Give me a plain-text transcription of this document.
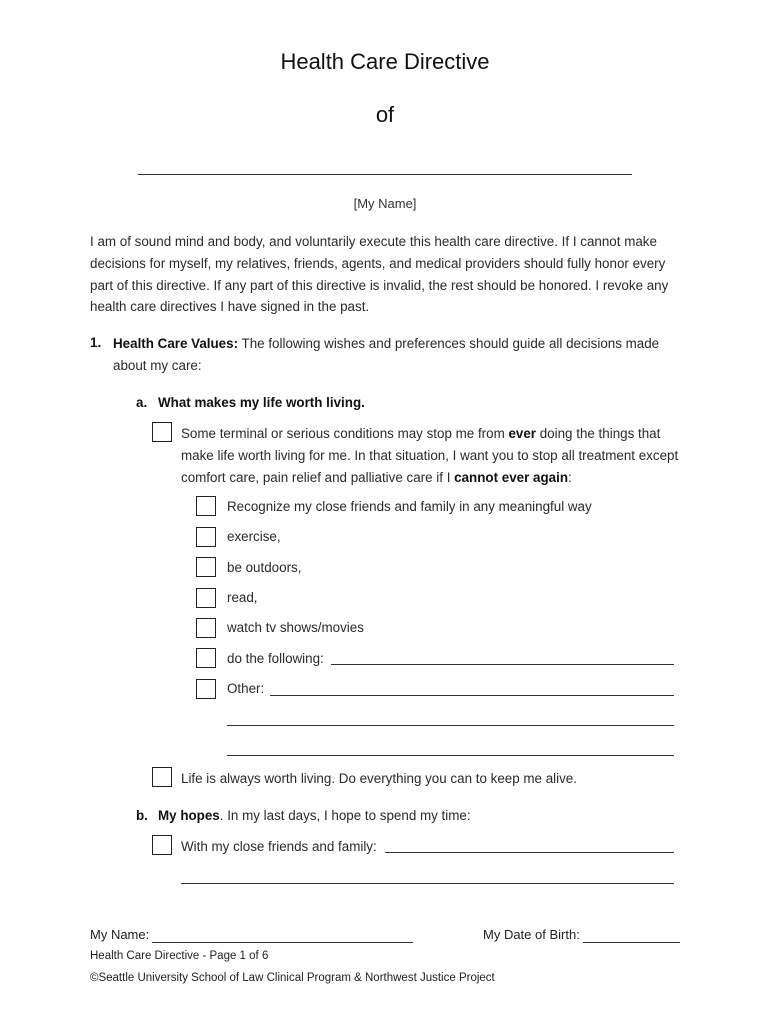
Health Care Directive
of
[My Name]
I am of sound mind and body, and voluntarily execute this health care directive. If I cannot make decisions for myself, my relatives, friends, agents, and medical providers should fully honor every part of this directive. If any part of this directive is invalid, the rest should be honored. I revoke any health care directives I have signed in the past.
1. Health Care Values: The following wishes and preferences should guide all decisions made about my care:
a. What makes my life worth living.
Some terminal or serious conditions may stop me from ever doing the things that make life worth living for me. In that situation, I want you to stop all treatment except comfort care, pain relief and palliative care if I cannot ever again:
Recognize my close friends and family in any meaningful way
exercise,
be outdoors,
read,
watch tv shows/movies
do the following:
Other:
Life is always worth living. Do everything you can to keep me alive.
b. My hopes. In my last days, I hope to spend my time:
With my close friends and family:
My Name:	My Date of Birth:
Health Care Directive - Page 1 of 6
©Seattle University School of Law Clinical Program & Northwest Justice Project
